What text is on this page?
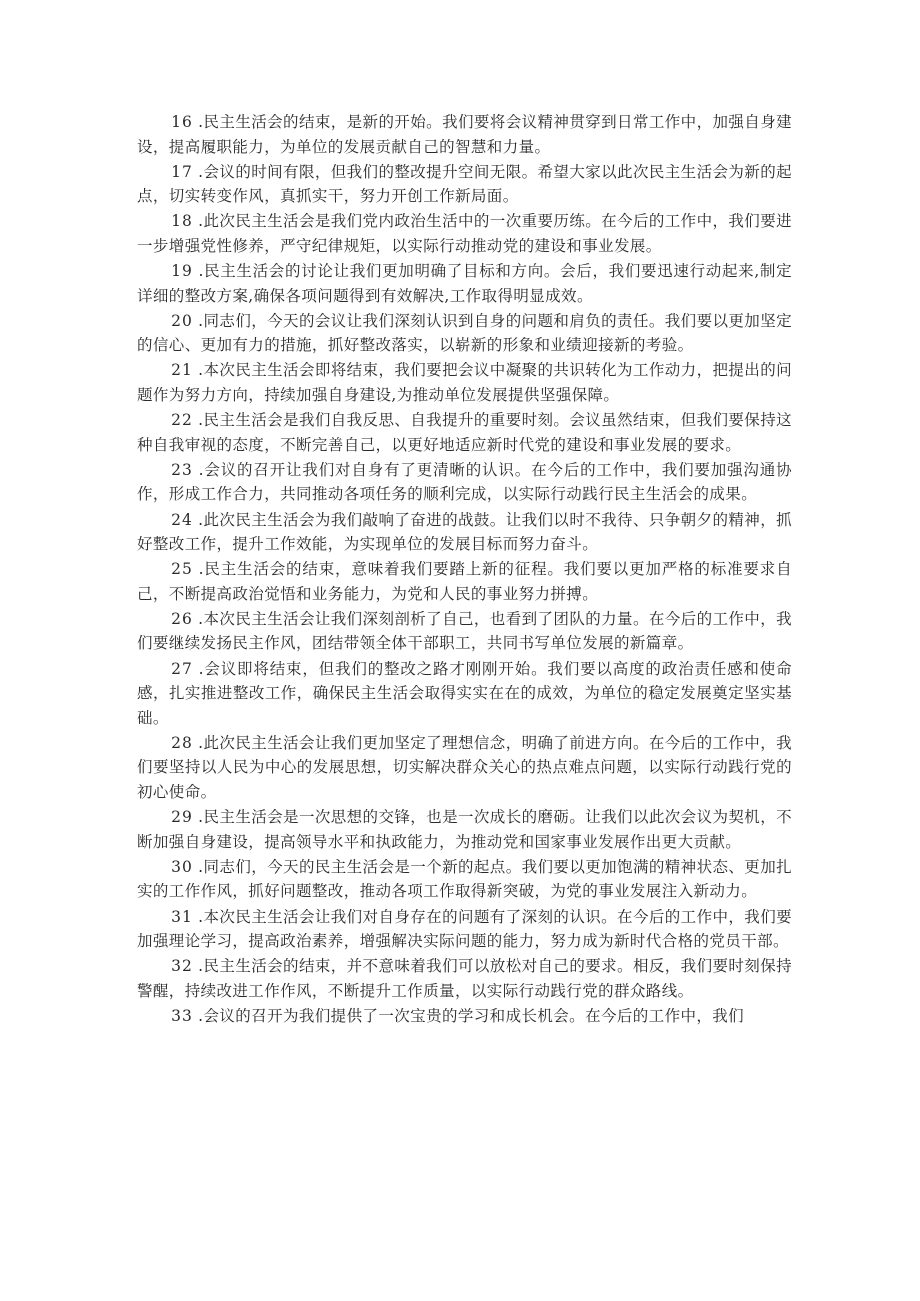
16 .民主生活会的结束，是新的开始。我们要将会议精神贯穿到日常工作中，加强自身建设，提高履职能力，为单位的发展贡献自己的智慧和力量。

17 .会议的时间有限，但我们的整改提升空间无限。希望大家以此次民主生活会为新的起点，切实转变作风，真抓实干，努力开创工作新局面。

18 .此次民主生活会是我们党内政治生活中的一次重要历练。在今后的工作中，我们要进一步增强党性修养，严守纪律规矩，以实际行动推动党的建设和事业发展。

19 .民主生活会的讨论让我们更加明确了目标和方向。会后，我们要迅速行动起来,制定详细的整改方案,确保各项问题得到有效解决,工作取得明显成效。

20 .同志们，今天的会议让我们深刻认识到自身的问题和肩负的责任。我们要以更加坚定的信心、更加有力的措施，抓好整改落实，以崭新的形象和业绩迎接新的考验。

21 .本次民主生活会即将结束，我们要把会议中凝聚的共识转化为工作动力，把提出的问题作为努力方向，持续加强自身建设,为推动单位发展提供坚强保障。

22 .民主生活会是我们自我反思、自我提升的重要时刻。会议虽然结束，但我们要保持这种自我审视的态度，不断完善自己，以更好地适应新时代党的建设和事业发展的要求。

23 .会议的召开让我们对自身有了更清晰的认识。在今后的工作中，我们要加强沟通协作，形成工作合力，共同推动各项任务的顺利完成，以实际行动践行民主生活会的成果。

24 .此次民主生活会为我们敲响了奋进的战鼓。让我们以时不我待、只争朝夕的精神，抓好整改工作，提升工作效能，为实现单位的发展目标而努力奋斗。

25 .民主生活会的结束，意味着我们要踏上新的征程。我们要以更加严格的标准要求自己，不断提高政治觉悟和业务能力，为党和人民的事业努力拼搏。

26 .本次民主生活会让我们深刻剖析了自己，也看到了团队的力量。在今后的工作中，我们要继续发扬民主作风，团结带领全体干部职工，共同书写单位发展的新篇章。

27 .会议即将结束，但我们的整改之路才刚刚开始。我们要以高度的政治责任感和使命感，扎实推进整改工作，确保民主生活会取得实实在在的成效，为单位的稳定发展奠定坚实基础。

28 .此次民主生活会让我们更加坚定了理想信念，明确了前进方向。在今后的工作中，我们要坚持以人民为中心的发展思想，切实解决群众关心的热点难点问题，以实际行动践行党的初心使命。

29 .民主生活会是一次思想的交锋，也是一次成长的磨砺。让我们以此次会议为契机，不断加强自身建设，提高领导水平和执政能力，为推动党和国家事业发展作出更大贡献。

30 .同志们，今天的民主生活会是一个新的起点。我们要以更加饱满的精神状态、更加扎实的工作作风，抓好问题整改，推动各项工作取得新突破，为党的事业发展注入新动力。

31 .本次民主生活会让我们对自身存在的问题有了深刻的认识。在今后的工作中，我们要加强理论学习，提高政治素养，增强解决实际问题的能力，努力成为新时代合格的党员干部。

32 .民主生活会的结束，并不意味着我们可以放松对自己的要求。相反，我们要时刻保持警醒，持续改进工作作风，不断提升工作质量，以实际行动践行党的群众路线。

33 .会议的召开为我们提供了一次宝贵的学习和成长机会。在今后的工作中，我们
